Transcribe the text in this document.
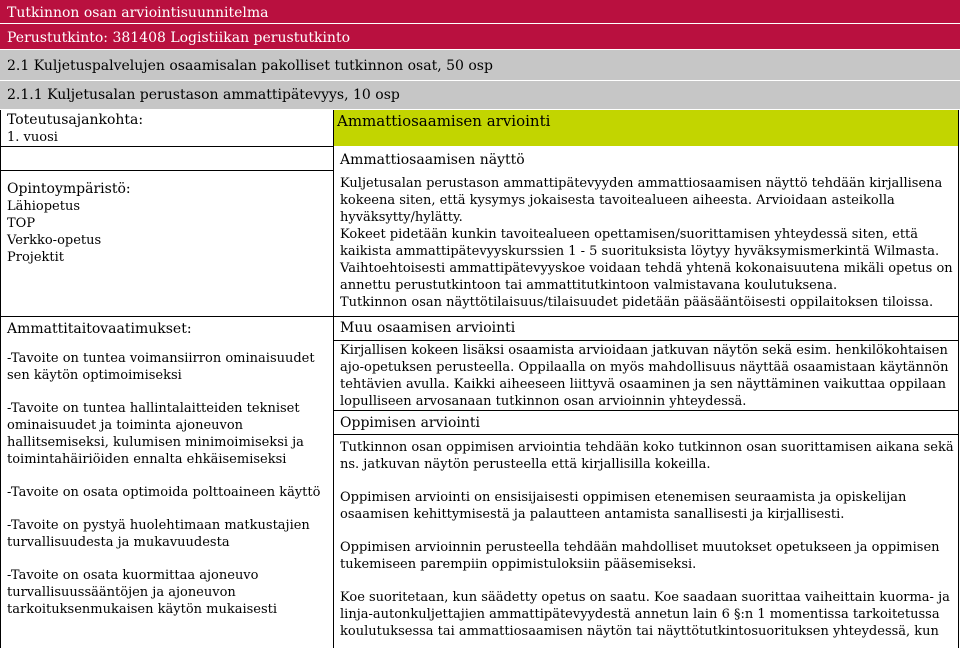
Tutkinnon osan arviointisuunnitelma
Perustutkinto: 381408 Logistiikan perustutkinto
2.1 Kuljetuspalvelujen osaamisalan pakolliset tutkinnon osat, 50 osp
2.1.1 Kuljetusalan perustason ammattipätevyys, 10 osp
Toteutusajankohta:
1. vuosi
Opintoympäristö:
Lähiopetus
TOP
Verkko-opetus
Projektit
Ammattitaitovaatimukset:

-Tavoite on tuntea voimansiirron ominaisuudet sen käytön optimoimiseksi

-Tavoite on tuntea hallintalaitteiden tekniset ominaisuudet ja toiminta ajoneuvon hallitsemiseksi, kulumisen minimoimiseksi ja toimintahäiriöiden ennalta ehkäisemiseksi

-Tavoite on osata optimoida polttoaineen käyttö

-Tavoite on pystyä huolehtimaan matkustajien turvallisuudesta ja mukavuudesta

-Tavoite on osata kuormittaa ajoneuvo turvallisuussääntöjen ja ajoneuvon tarkoituksenmukaisen käytön mukaisesti

Ammattiosaamisen arviointi
Ammattiosaamisen näyttö

Kuljetusalan perustason ammattipätevyyden ammattiosaamisen näyttö tehdään kirjallisena kokeena siten, että kysymys jokaisesta tavoitealueen aiheesta. Arvioidaan asteikolla hyväksytty/hylätty.

Kokeet pidetään kunkin tavoitealueen opettamisen/suorittamisen yhteydessä siten, että kaikista ammattipätevyyskurssien 1 - 5 suorituksista löytyy hyväksymismerkintä Wilmasta.

Vaihtoehtoisesti ammattipätevyyskoe voidaan tehdä yhtenä kokonaisuutena mikäli opetus on annettu perustutkintoon tai ammattitutkintoon valmistavana koulutuksena.

Tutkinnon osan näyttötilaisuus/tilaisuudet pidetään pääsääntöisesti oppilaitoksen tiloissa.

Muu osaamisen arviointi

Kirjallisen kokeen lisäksi osaamista arvioidaan jatkuvan näytön sekä esim. henkilökohtaisen ajo-opetuksen perusteella. Oppilaalla on myös mahdollisuus näyttää osaamistaan käytännön tehtävien avulla. Kaikki aiheeseen liittyvä osaaminen ja sen näyttäminen vaikuttaa oppilaan lopulliseen arvosanaan tutkinnon osan arvioinnin yhteydessä.

Oppimisen arviointi

Tutkinnon osan oppimisen arviointia tehdään koko tutkinnon osan suorittamisen aikana sekä ns. jatkuvan näytön perusteella että kirjallisilla kokeilla.

Oppimisen arviointi on ensisijaisesti oppimisen etenemisen seuraamista ja opiskelijan osaamisen kehittymisestä ja palautteen antamista sanallisesti ja kirjallisesti.

Oppimisen arvioinnin perusteella tehdään mahdolliset muutokset opetukseen ja oppimisen tukemiseen parempiin oppimistuloksiin pääsemiseksi.

Koe suoritetaan, kun säädetty opetus on saatu. Koe saadaan suorittaa vaiheittain kuorma- ja linja-autonkuljettajien ammattipätevyydestä annetun lain 6 §:n 1 momentissa tarkoitetussa koulutuksessa tai ammattiosaamisen näytön tai näyttötutkintosuorituksen yhteydessä, kun
